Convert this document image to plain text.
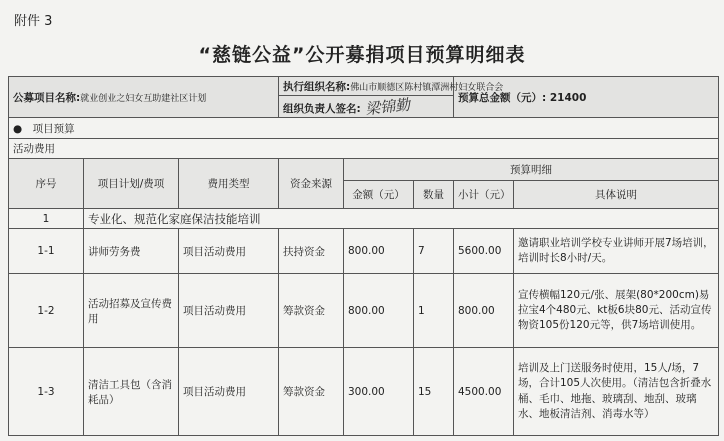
附件 3
“慈链公益”公开募捐项目预算明细表
公募项目名称:就业创业之妇女互助建社区计划			执行组织名称:佛山市顺德区陈村镇潭洲村妇女联合会			预算总金额（元）: 21400	
			组织负责人签名: 梁锦勤				
●　项目预算							
活动费用							
序号	项目计划/费项	费用类型	资金来源	预算明细			
				金额（元）	数量	小计（元）	具体说明
1	专业化、规范化家庭保洁技能培训						
1-1	讲师劳务费	项目活动费用	扶持资金	800.00	7	5600.00	邀请职业培训学校专业讲师开展7场培训，培训时长8小时/天。
1-2	活动招募及宣传费用	项目活动费用	筹款资金	800.00	1	800.00	宣传横幅120元/张、展架(80*200cm)易拉宝4个480元、kt板6块80元、活动宣传物资105份120元等，供7场培训使用。
1-3	清洁工具包（含消耗品）	项目活动费用	筹款资金	300.00	15	4500.00	培训及上门送服务时使用，15人/场，7场，合计105人次使用。（清洁包含折叠水桶、毛巾、地拖、玻璃刮、地刮、玻璃水、地板清洁剂、消毒水等）
